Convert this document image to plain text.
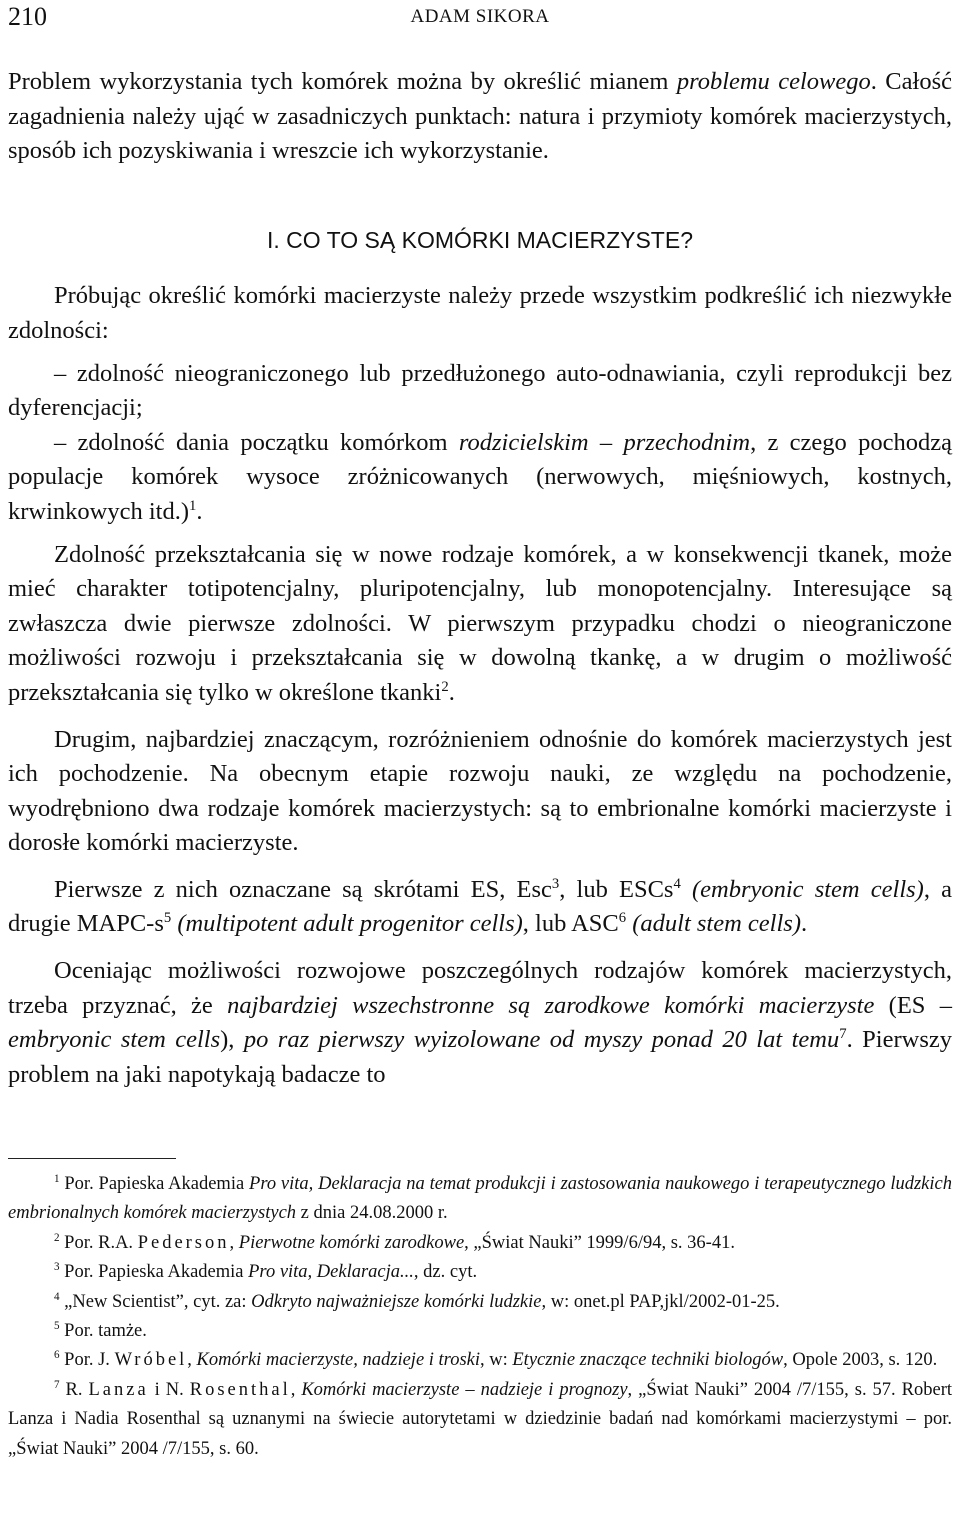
210	ADAM SIKORA

Problem wykorzystania tych komórek można by określić mianem problemu celowego. Całość zagadnienia należy ująć w zasadniczych punktach: natura i przymioty komórek macierzystych, sposób ich pozyskiwania i wreszcie ich wykorzystanie.

I. CO TO SĄ KOMÓRKI MACIERZYSTE?

Próbując określić komórki macierzyste należy przede wszystkim podkreślić ich niezwykłe zdolności:

– zdolność nieograniczonego lub przedłużonego auto-odnawiania, czyli reprodukcji bez dyferencjacji;

– zdolność dania początku komórkom rodzicielskim – przechodnim, z czego pochodzą populacje komórek wysoce zróżnicowanych (nerwowych, mięśniowych, kostnych, krwinkowych itd.)$^1$.

Zdolność przekształcania się w nowe rodzaje komórek, a w konsekwencji tkanek, może mieć charakter totipotencjalny, pluripotencjalny, lub monopotencjalny. Interesujące są zwłaszcza dwie pierwsze zdolności. W pierwszym przypadku chodzi o nieograniczone możliwości rozwoju i przekształcania się w dowolną tkankę, a w drugim o możliwość przekształcania się tylko w określone tkanki$^2$.

Drugim, najbardziej znaczącym, rozróżnieniem odnośnie do komórek macierzystych jest ich pochodzenie. Na obecnym etapie rozwoju nauki, ze względu na pochodzenie, wyodrębniono dwa rodzaje komórek macierzystych: są to embrionalne komórki macierzyste i dorosłe komórki macierzyste.

Pierwsze z nich oznaczane są skrótami ES, Esc$^3$, lub ESCs$^4$ (embryonic stem cells), a drugie MAPC-$s^5$ (multipotent adult progenitor cells), lub ASC$^6$ (adult stem cells).

Oceniając możliwości rozwojowe poszczególnych rodzajów komórek macierzystych, trzeba przyznać, że najbardziej wszechstronne są zarodkowe komórki macierzyste (ES – embryonic stem cells), po raz pierwszy wyizolowane od myszy ponad 20 lat temu$^7$. Pierwszy problem na jaki napotykają badacze to

$^1$ Por. Papieska Akademia Pro vita, Deklaracja na temat produkcji i zastosowania naukowego i terapeutycznego ludzkich embrionalnych komórek macierzystych z dnia 24.08.2000 r.

$^2$ Por. R.A. Pederson, Pierwotne komórki zarodkowe, „Świat Nauki” 1999/6/94, s. 36-41.

$^3$ Por. Papieska Akademia Pro vita, Deklaracja..., dz. cyt.

$^4$ „New Scientist”, cyt. za: Odkryto najważniejsze komórki ludzkie, w: onet.pl PAP,jkl/2002-01-25.

$^5$ Por. tamże.

$^6$ Por. J. Wróbel, Komórki macierzyste, nadzieje i troski, w: Etycznie znaczące techniki biologów, Opole 2003, s. 120.

$^7$ R. Lanza i N. Rosenthal, Komórki macierzyste – nadzieje i prognozy, „Świat Nauki” 2004 /7/155, s. 57. Robert Lanza i Nadia Rosenthal są uznanymi na świecie autorytetami w dziedzinie badań nad komórkami macierzystymi – por. „Świat Nauki” 2004 /7/155, s. 60.
